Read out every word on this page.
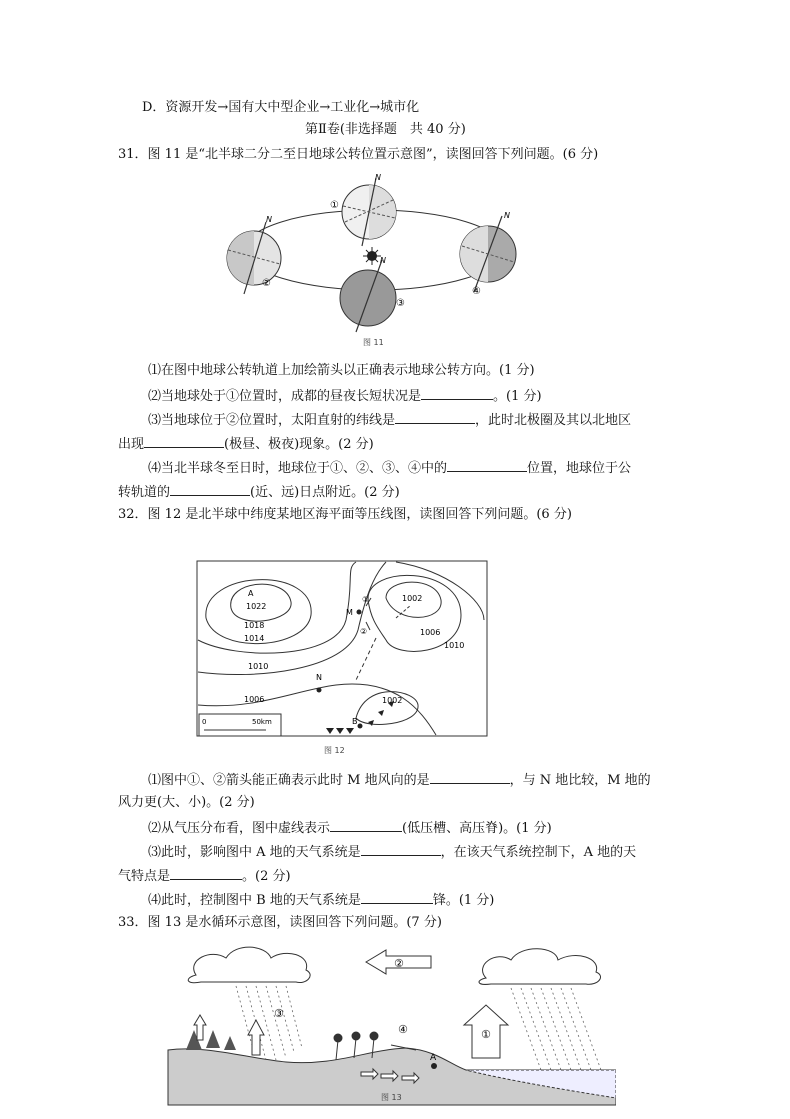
D．资源开发→国有大中型企业→工业化→城市化
第Ⅱ卷(非选择题　共 40 分)
31．图 11 是“北半球二分二至日地球公转位置示意图”，读图回答下列问题。(6 分)
①
N
②
N
③
N
④
N
图 11
⑴在图中地球公转轨道上加绘箭头以正确表示地球公转方向。(1 分)
⑵当地球处于①位置时，成都的昼夜长短状况是	。(1 分)
⑶当地球位于②位置时，太阳直射的纬线是	，此时北极圈及其以北地区
出现	(极昼、极夜)现象。(2 分)
⑷当北半球冬至日时，地球位于①、②、③、④中的	位置，地球位于公
转轨道的	(近、远)日点附近。(2 分)
32．图 12 是北半球中纬度某地区海平面等压线图，读图回答下列问题。(6 分)
A
1022
1018
1014
1010
1006
M
①
②
1002
1006
1010
N
1002
B
0	50km
图 12
⑴图中①、②箭头能正确表示此时 M 地风向的是	，与 N 地比较，M 地的
风力更(大、小)。(2 分)
⑵从气压分布看，图中虚线表示	(低压槽、高压脊)。(1 分)
⑶此时，影响图中 A 地的天气系统是	，在该天气系统控制下，A 地的天
气特点是	。(2 分)
⑷此时，控制图中 B 地的天气系统是	锋。(1 分)
33．图 13 是水循环示意图，读图回答下列问题。(7 分)
②
①
③
④
A
图 13
